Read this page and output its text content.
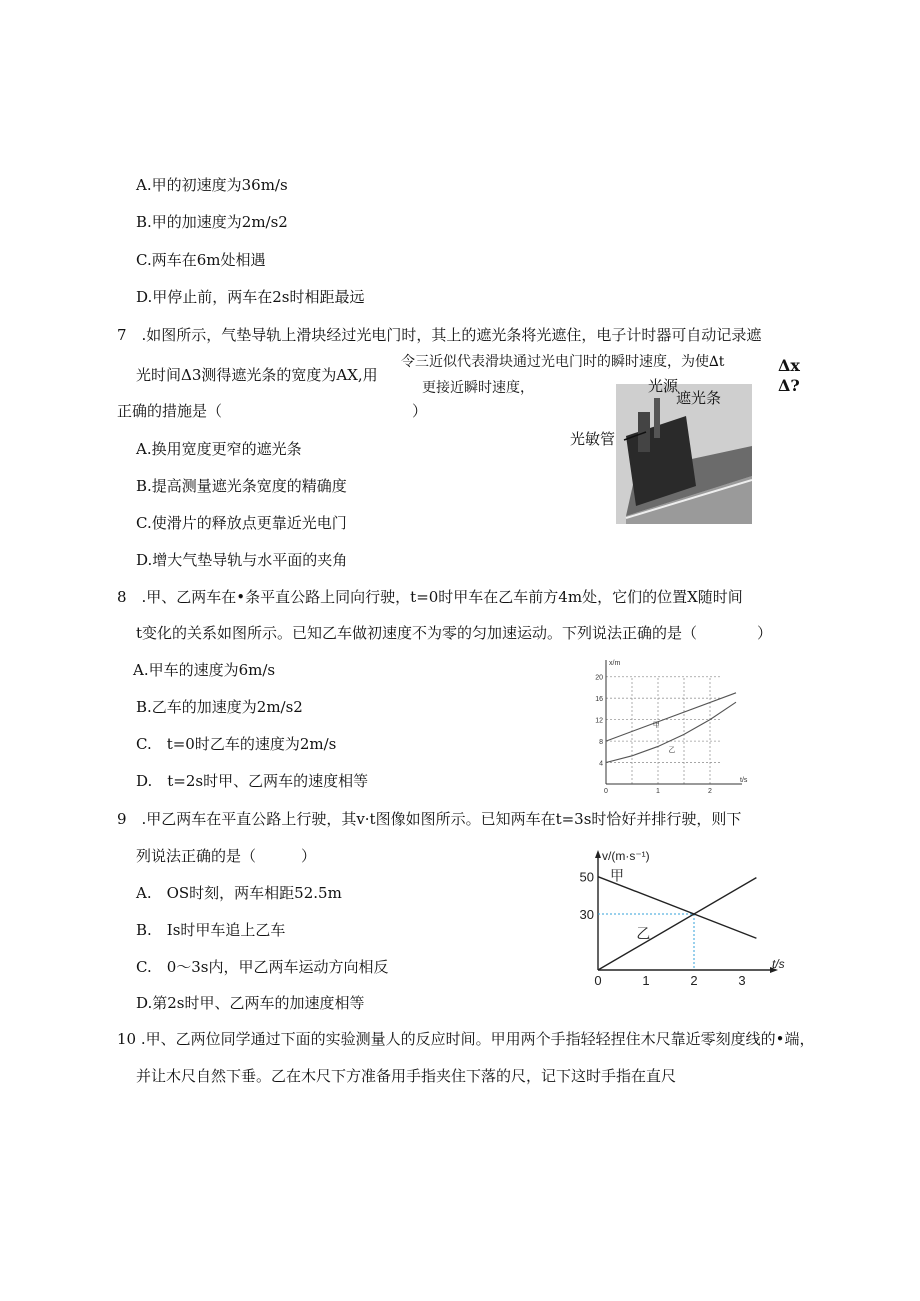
A.甲的初速度为36m∕s
B.甲的加速度为2m∕s2
C.两车在6m处相遇
D.甲停止前，两车在2s时相距最远
7　.如图所示，气垫导轨上滑块经过光电门时，其上的遮光条将光遮住，电子计时器可自动记录遮
光时间Δ3测得遮光条的宽度为AX,用
令三近似代表滑块通过光电门时的瞬时速度，为使∆t	Δx
Δ?
更接近瞬时速度，
正确的措施是（	）
光源
遮光条
光敏管
A.换用宽度更窄的遮光条
B.提高测量遮光条宽度的精确度
C.使滑片的释放点更靠近光电门
D.增大气垫导轨与水平面的夹角
8　.甲、乙两车在•条平直公路上同向行驶，t=0时甲车在乙车前方4m处，它们的位置X随时间
t变化的关系如图所示。已知乙车做初速度不为零的匀加速运动。下列说法正确的是（　　　　）
A.甲车的速度为6m∕s
B.乙车的加速度为2m∕s2
C.　t=0时乙车的速度为2m∕s
D.　t=2s时甲、乙两车的速度相等
4
8
12
16
20
0	1	2
t/s
x/m
甲
乙
9　.甲乙两车在平直公路上行驶，其v·t图像如图所示。已知两车在t=3s时恰好并排行驶，则下
列说法正确的是（　　　）
A.　OS时刻，两车相距52.5m
B.　Is时甲车追上乙车
C.　0～3s内，甲乙两车运动方向相反
D.第2s时甲、乙两车的加速度相等
0	1	2	3
30
50
t/s
v/(m·s⁻¹)
甲
乙
10 .甲、乙两位同学通过下面的实验测量人的反应时间。甲用两个手指轻轻捏住木尺靠近零刻度线的•端，
并让木尺自然下垂。乙在木尺下方准备用手指夹住下落的尺，记下这时手指在直尺
